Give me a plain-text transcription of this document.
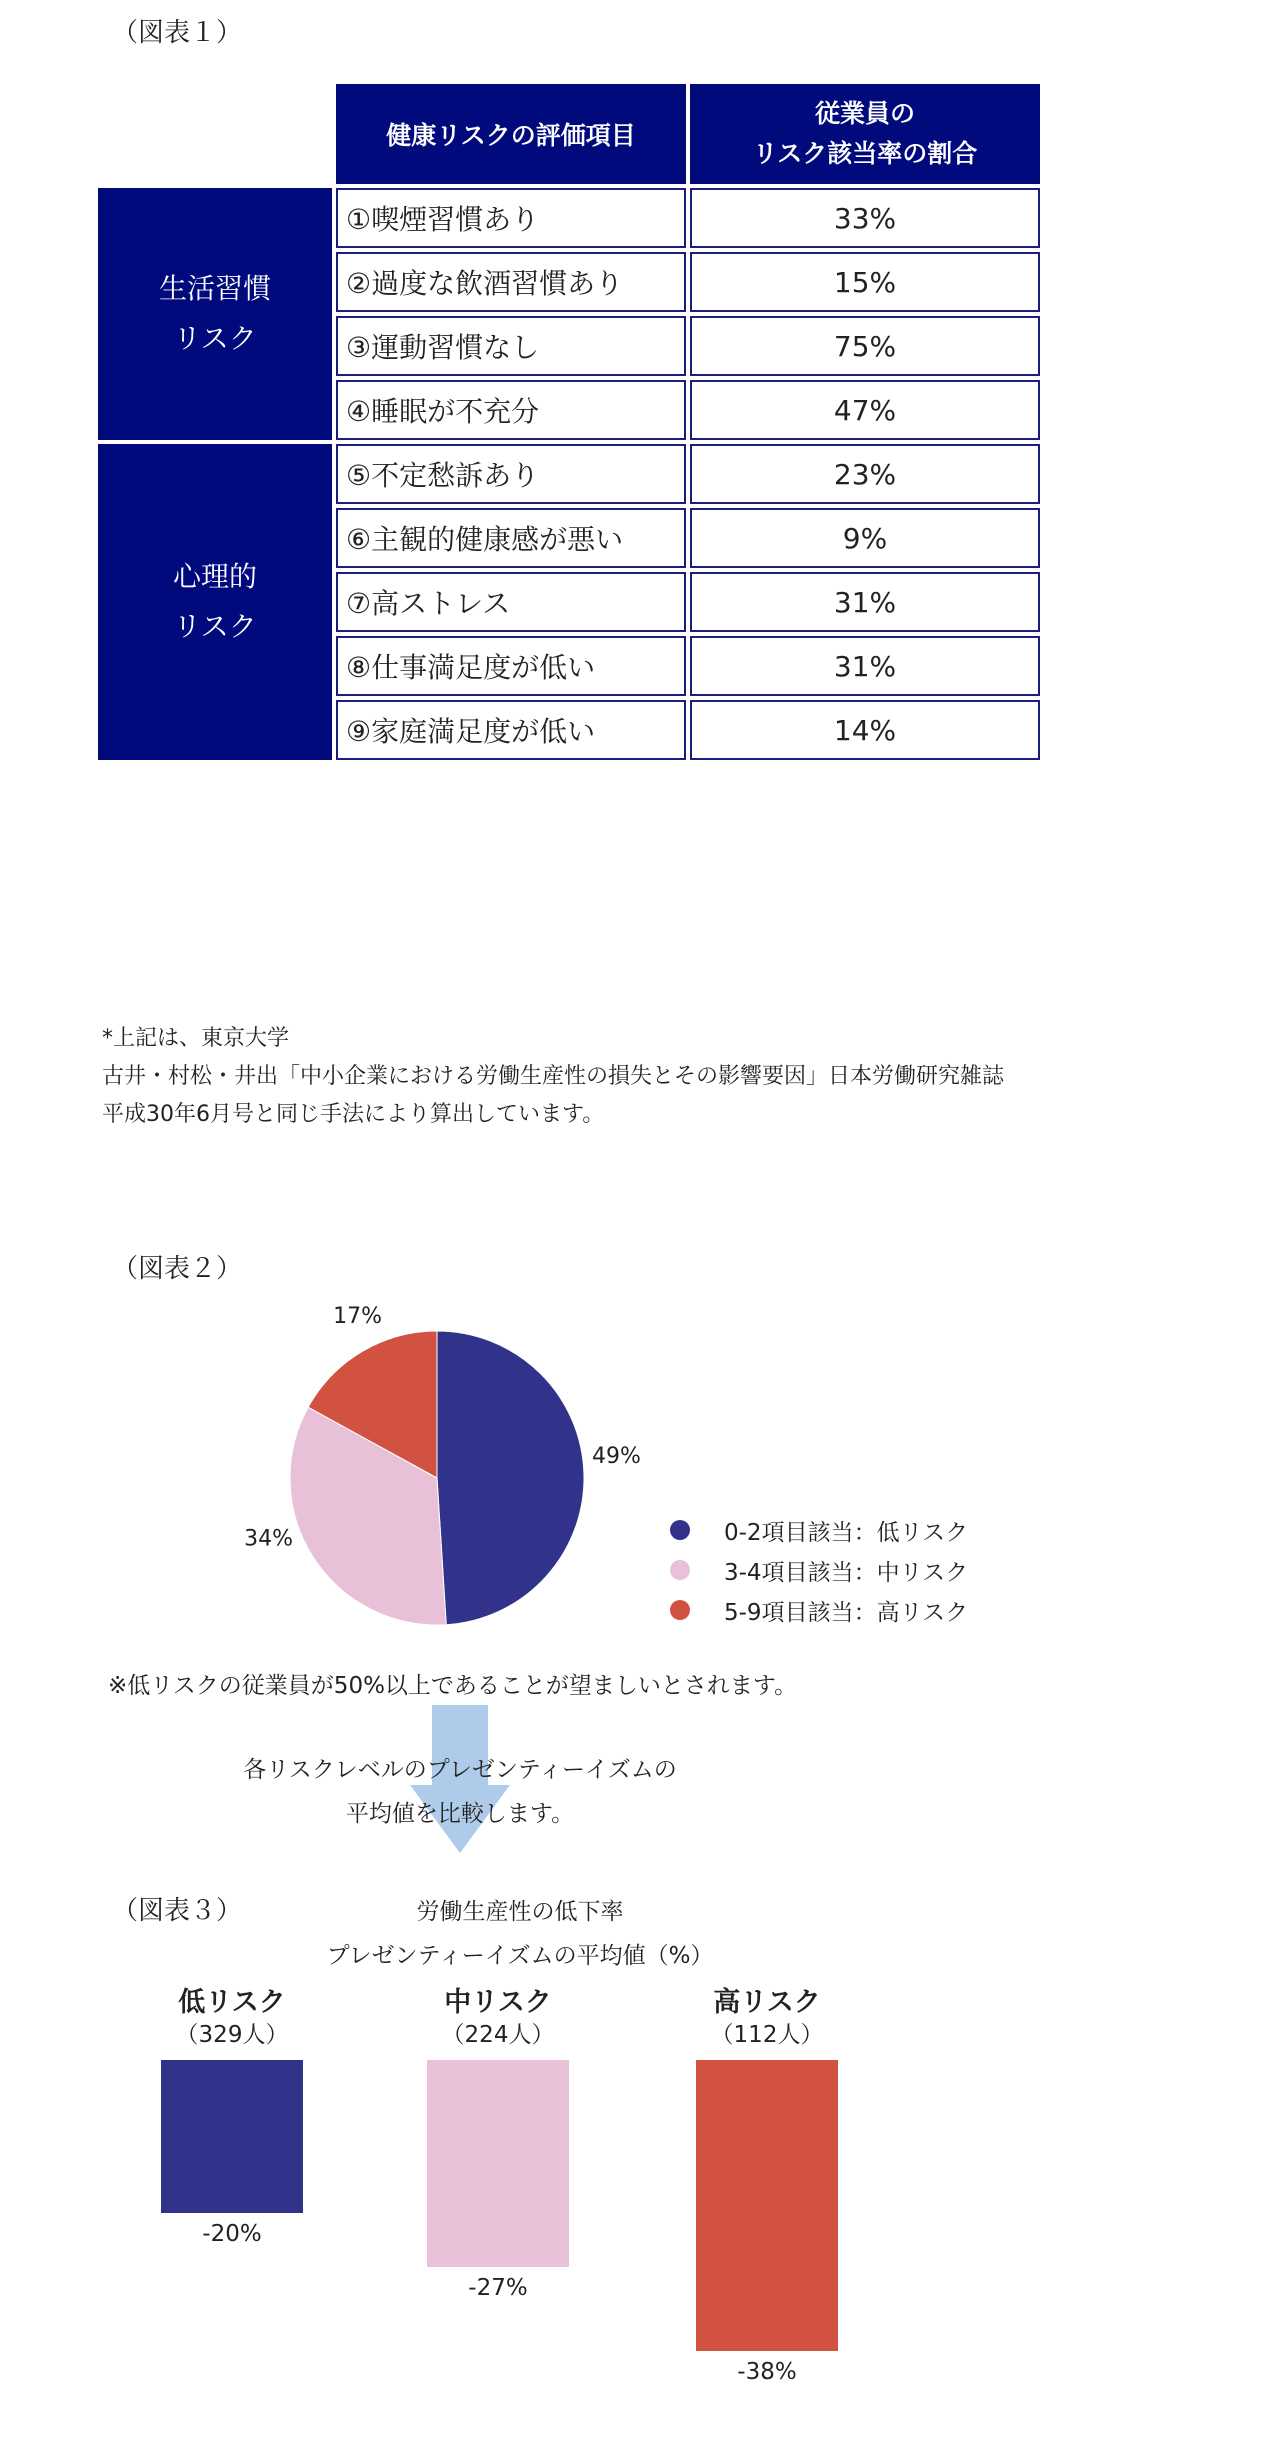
（図表１）
	健康リスクの評価項目	従業員の
リスク該当率の割合

生活習慣
リスク	①喫煙習慣あり	33%
	②過度な飲酒習慣あり	15%
	③運動習慣なし	75%
	④睡眠が不充分	47%

心理的
リスク	⑤不定愁訴あり	23%
	⑥主観的健康感が悪い	9%
	⑦高ストレス	31%
	⑧仕事満足度が低い	31%
	⑨家庭満足度が低い	14%
*上記は、東京大学
古井・村松・井出「中小企業における労働生産性の損失とその影響要因」日本労働研究雑誌
平成30年6月号と同じ手法により算出しています。
（図表２）
49%
34%
17%
0-2項目該当：低リスク
3-4項目該当：中リスク
5-9項目該当：高リスク
※低リスクの従業員が50%以上であることが望ましいとされます。
各リスクレベルのプレゼンティーイズムの
平均値を比較します。
（図表３）	労働生産性の低下率
プレゼンティーイズムの平均値（%）
低リスク
（329人）
-20%
中リスク
（224人）
-27%
高リスク
（112人）
-38%
